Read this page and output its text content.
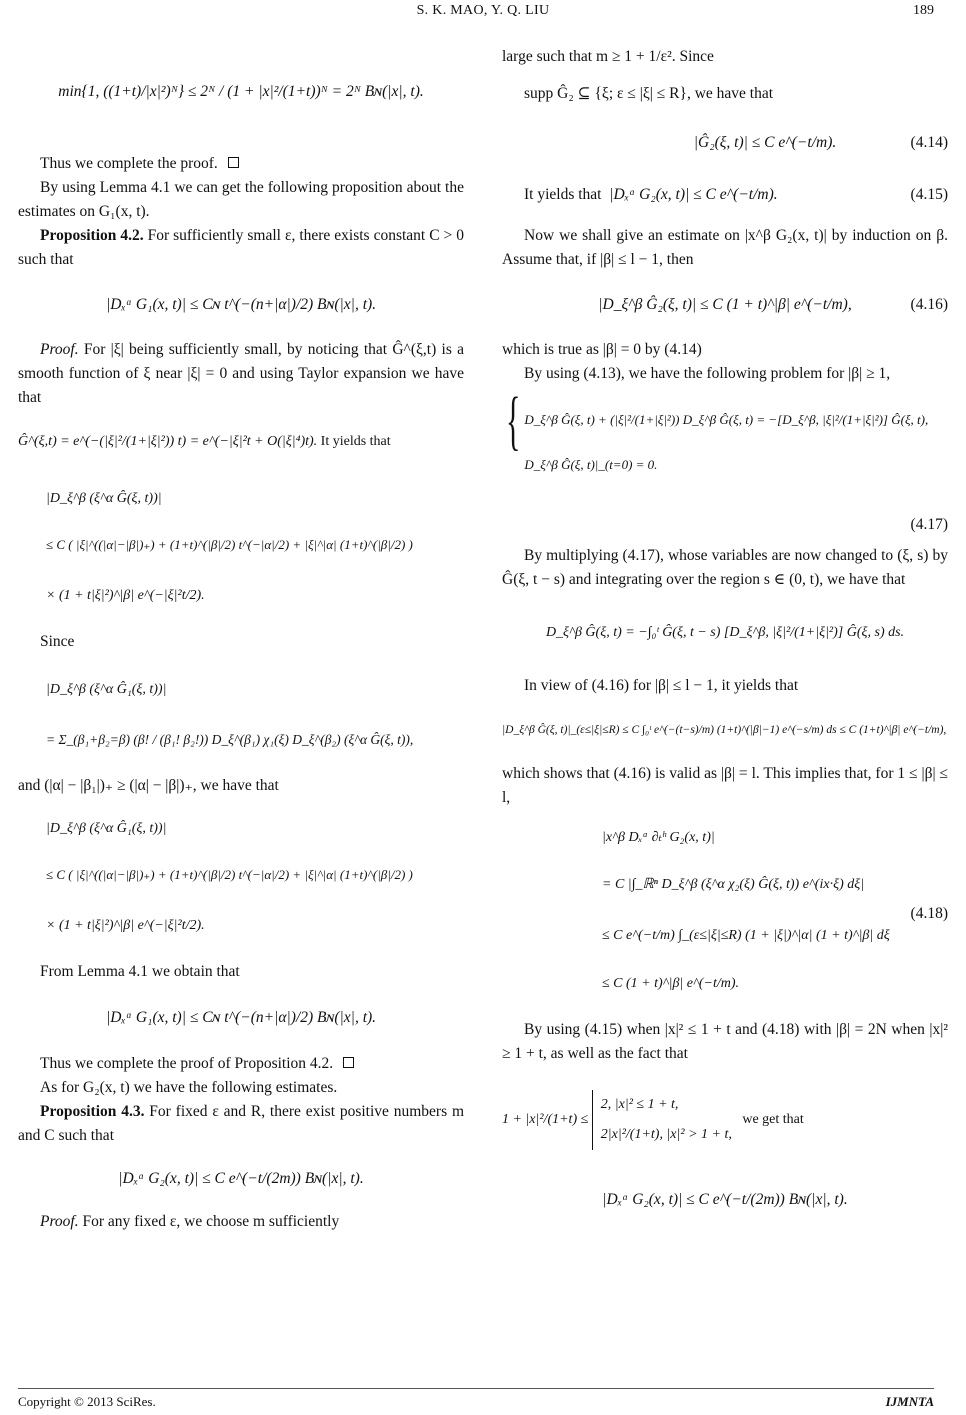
S. K. MAO, Y. Q. LIU	189
min{1, ((1+t)/|x|²)ᴺ} ≤ 2ᴺ / (1 + |x|²/(1+t))ᴺ = 2ᴺ Bɴ(|x|, t).

Thus we complete the proof.

By using Lemma 4.1 we can get the following proposition about the estimates on G₁(x, t).

Proposition 4.2. For sufficiently small ε, there exists constant C > 0 such that

|Dₓᵅ G₁(x, t)| ≤ Cɴ t^(−(n+|α|)/2) Bɴ(|x|, t).

Proof. For |ξ| being sufficiently small, by noticing that Ĝ^(ξ,t) is a smooth function of ξ near |ξ| = 0 and using Taylor expansion we have that

Ĝ^(ξ,t) = e^(−(|ξ|²/(1+|ξ|²)) t) = e^(−|ξ|²t + O(|ξ|⁴)t). It yields that
|D_ξ^β (ξ^α Ĝ(ξ, t))|
≤ C ( |ξ|^((|α|−|β|)₊) + (1+t)^(|β|/2) t^(−|α|/2) + |ξ|^|α| (1+t)^(|β|/2) )
× (1 + t|ξ|²)^|β| e^(−|ξ|²t/2).

Since

|D_ξ^β (ξ^α Ĝ₁(ξ, t))|
= Σ_(β₁+β₂=β) (β! / (β₁! β₂!)) D_ξ^(β₁) χ₁(ξ) D_ξ^(β₂) (ξ^α Ĝ(ξ, t)),

and (|α| − |β₁|)₊ ≥ (|α| − |β|)₊, we have that

|D_ξ^β (ξ^α Ĝ₁(ξ, t))|
≤ C ( |ξ|^((|α|−|β|)₊) + (1+t)^(|β|/2) t^(−|α|/2) + |ξ|^|α| (1+t)^(|β|/2) )
× (1 + t|ξ|²)^|β| e^(−|ξ|²t/2).

From Lemma 4.1 we obtain that

|Dₓᵅ G₁(x, t)| ≤ Cɴ t^(−(n+|α|)/2) Bɴ(|x|, t).

Thus we complete the proof of Proposition 4.2.

As for G₂(x, t) we have the following estimates.

Proposition 4.3. For fixed ε and R, there exist positive numbers m and C such that

|Dₓᵅ G₂(x, t)| ≤ C e^(−t/(2m)) Bɴ(|x|, t).

Proof. For any fixed ε, we choose m sufficiently

large such that m ≥ 1 + 1/ε². Since

supp Ĝ₂ ⊆ {ξ; ε ≤ |ξ| ≤ R}, we have that

|Ĝ₂(ξ, t)| ≤ C e^(−t/m).	(4.14)
It yields that |Dₓᵅ G₂(x, t)| ≤ C e^(−t/m).	(4.15)

Now we shall give an estimate on |x^β G₂(x, t)| by induction on β. Assume that, if |β| ≤ l − 1, then

|D_ξ^β Ĝ₂(ξ, t)| ≤ C (1 + t)^|β| e^(−t/m),	(4.16)

which is true as |β| = 0 by (4.14)

By using (4.13), we have the following problem for |β| ≥ 1,

{ D_ξ^β Ĝ(ξ, t) + (|ξ|²/(1+|ξ|²)) D_ξ^β Ĝ(ξ, t) = −[D_ξ^β, |ξ|²/(1+|ξ|²)] Ĝ(ξ, t),
D_ξ^β Ĝ(ξ, t)|_(t=0) = 0.
(4.17)

By multiplying (4.17), whose variables are now changed to (ξ, s) by Ĝ(ξ, t − s) and integrating over the region s ∈ (0, t), we have that

D_ξ^β Ĝ(ξ, t) = −∫₀ᵗ Ĝ(ξ, t − s) [D_ξ^β, |ξ|²/(1+|ξ|²)] Ĝ(ξ, s) ds.

In view of (4.16) for |β| ≤ l − 1, it yields that

|D_ξ^β Ĝ(ξ, t)|_(ε≤|ξ|≤R) ≤ C ∫₀ᵗ e^(−(t−s)/m) (1+t)^(|β|−1) e^(−s/m) ds ≤ C (1+t)^|β| e^(−t/m),

which shows that (4.16) is valid as |β| = l. This implies that, for 1 ≤ |β| ≤ l,

|x^β Dₓᵅ ∂ₜʰ G₂(x, t)|
= C |∫_ℝⁿ D_ξ^β (ξ^α χ₂(ξ) Ĝ(ξ, t)) e^(ix·ξ) dξ|
≤ C e^(−t/m) ∫_(ε≤|ξ|≤R) (1 + |ξ|)^|α| (1 + t)^|β| dξ
≤ C (1 + t)^|β| e^(−t/m).
(4.18)

By using (4.15) when |x|² ≤ 1 + t and (4.18) with |β| = 2N when |x|² ≥ 1 + t, as well as the fact that

1 + |x|²/(1+t) ≤
2, |x|² ≤ 1 + t,
2|x|²/(1+t), |x|² > 1 + t,
we get that
|Dₓᵅ G₂(x, t)| ≤ C e^(−t/(2m)) Bɴ(|x|, t).
Copyright © 2013 SciRes.	IJMNTA
